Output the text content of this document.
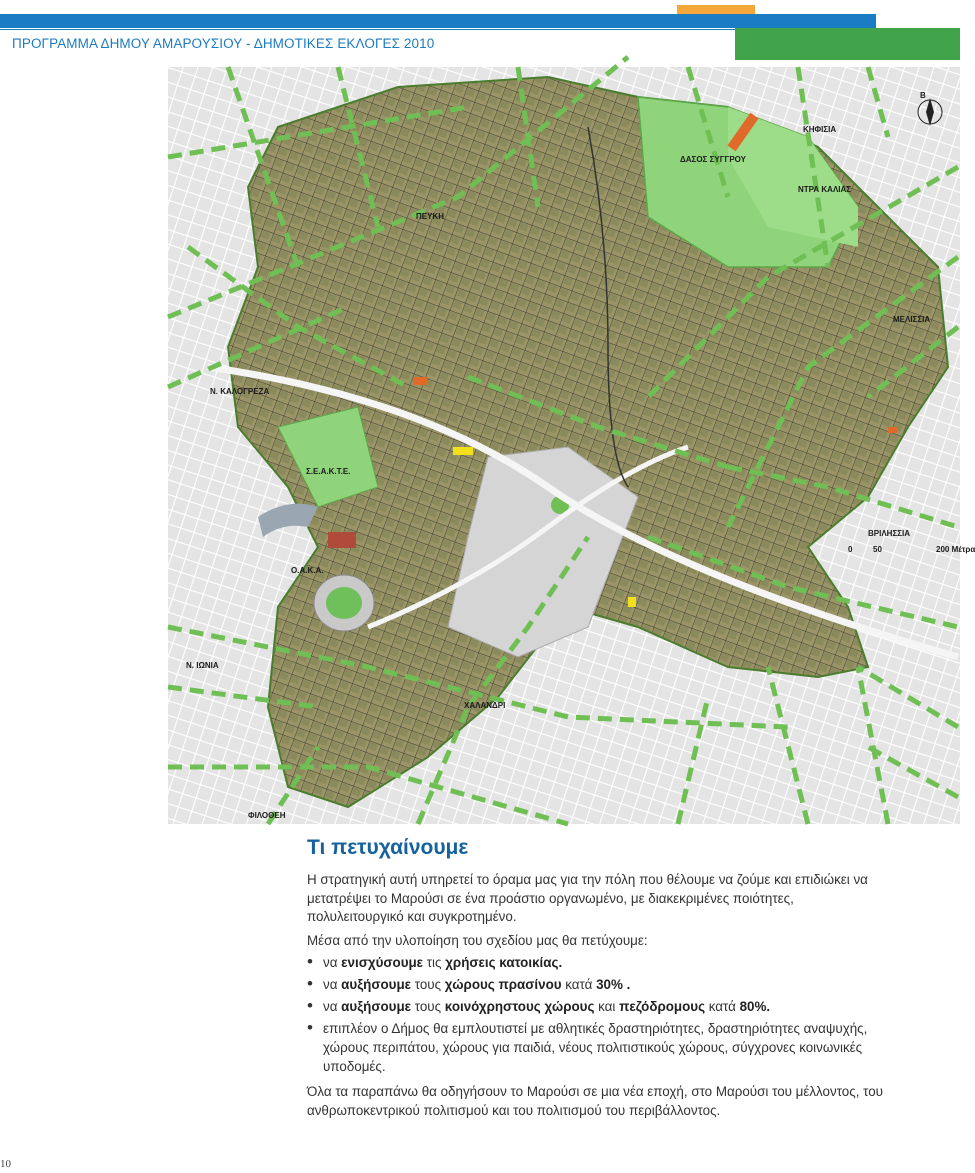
ΠΡΟΓΡΑΜΜΑ ΔΗΜΟΥ ΑΜΑΡΟΥΣΙΟΥ - ΔΗΜΟΤΙΚΕΣ ΕΚΛΟΓΕΣ 2010
Β
ΚΗΦΙΣΙΑ
ΔΑΣΟΣ ΣΥΓΓΡΟΥ
ΠΕΥΚΗ
ΝΤΡΑ ΚΑΛΙΑΣ
ΜΕΛΙΣΣΙΑ
Ν. ΚΑΛΟΓΡΕΖΑ
Σ.Ε.Α.Κ.Τ.Ε.
ΒΡΙΛΗΣΣΙΑ
0	50	200 Μέτρα
Ο.Α.Κ.Α.
Ν. ΙΩΝΙΑ
ΧΑΛΑΝΔΡΙ
ΦΙΛΟΘΕΗ
Τι πετυχαίνουμε
Η στρατηγική αυτή υπηρετεί το όραμα μας για την πόλη που θέλουμε να ζούμε και επιδιώκει να μετατρέψει το Μαρούσι σε ένα προάστιο οργανωμένο, με διακεκριμένες ποιότητες, πολυλειτουργικό και συγκροτημένο.
Μέσα από την υλοποίηση του σχεδίου μας θα πετύχουμε:
• να ενισχύσουμε τις χρήσεις κατοικίας.
• να αυξήσουμε τους χώρους πρασίνου κατά 30% .
• να αυξήσουμε τους κοινόχρηστους χώρους και πεζόδρομους κατά 80%.
• επιπλέον ο Δήμος θα εμπλουτιστεί με αθλητικές δραστηριότητες, δραστηριότητες αναψυχής, χώρους περιπάτου, χώρους για παιδιά, νέους πολιτιστικούς χώρους, σύγχρονες κοινωνικές υποδομές.
Όλα τα παραπάνω θα οδηγήσουν το Μαρούσι σε μια νέα εποχή, στο Μαρούσι του μέλλοντος, του ανθρωποκεντρικού πολιτισμού και του πολιτισμού του περιβάλλοντος.
10
